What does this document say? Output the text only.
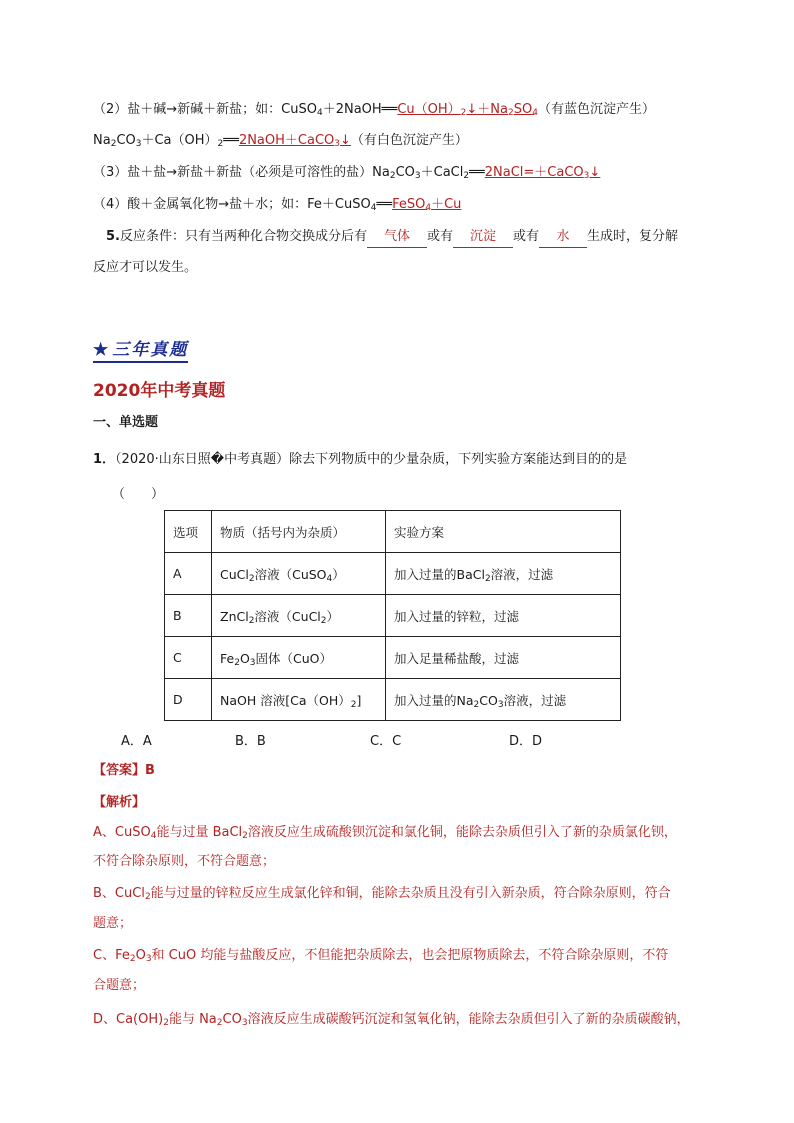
（2）盐＋碱→新碱＋新盐；如：$CuSO_4+2NaOH══Cu(OH)_2↓+Na_2SO_4$（有蓝色沉淀产生）
$Na_2CO_3+Ca(OH)_2══2NaOH+CaCO_3↓$（有白色沉淀产生）
（3）盐＋盐→新盐＋新盐（必须是可溶性的盐）$Na_2CO_3+CaCl_2══2NaCl=+CaCO_3↓$
（4）酸＋金属氧化物→盐＋水；如：Fe＋CuSO$_4$══FeSO$_4$＋Cu
5.反应条件：只有当两种化合物交换成分后有 气体 或有 沉淀 或有 水 生成时，复分解
反应才可以发生。
★ 三年真题
2020年中考真题
一、单选题
1．（2020·山东日照�中考真题）除去下列物质中的少量杂质，下列实验方案能达到目的的是
（　　）
选项	物质（括号内为杂质）	实验方案
A	CuCl$_2$溶液（CuSO$_4$）	加入过量的BaCl$_2$溶液，过滤
B	ZnCl$_2$溶液（CuCl$_2$）	加入过量的锌粒，过滤
C	$Fe_2O_3$固体（CuO）	加入足量稀盐酸，过滤
D	NaOH 溶液$[Ca(OH)_2]$	加入过量的$Na_2CO_3$溶液，过滤
A．A	B．B	C．C	D．D
【答案】B
【解析】
A、CuSO$_4$能与过量 BaCl$_2$溶液反应生成硫酸钡沉淀和氯化铜，能除去杂质但引入了新的杂质氯化钡，
不符合除杂原则，不符合题意；
B、CuCl$_2$能与过量的锌粒反应生成氯化锌和铜，能除去杂质且没有引入新杂质，符合除杂原则，符合
题意；
C、$Fe_2O_3$和 CuO 均能与盐酸反应，不但能把杂质除去，也会把原物质除去，不符合除杂原则，不符
合题意；
D、$Ca(OH)_2$能与 $Na_2CO_3$溶液反应生成碳酸钙沉淀和氢氧化钠，能除去杂质但引入了新的杂质碳酸钠，
